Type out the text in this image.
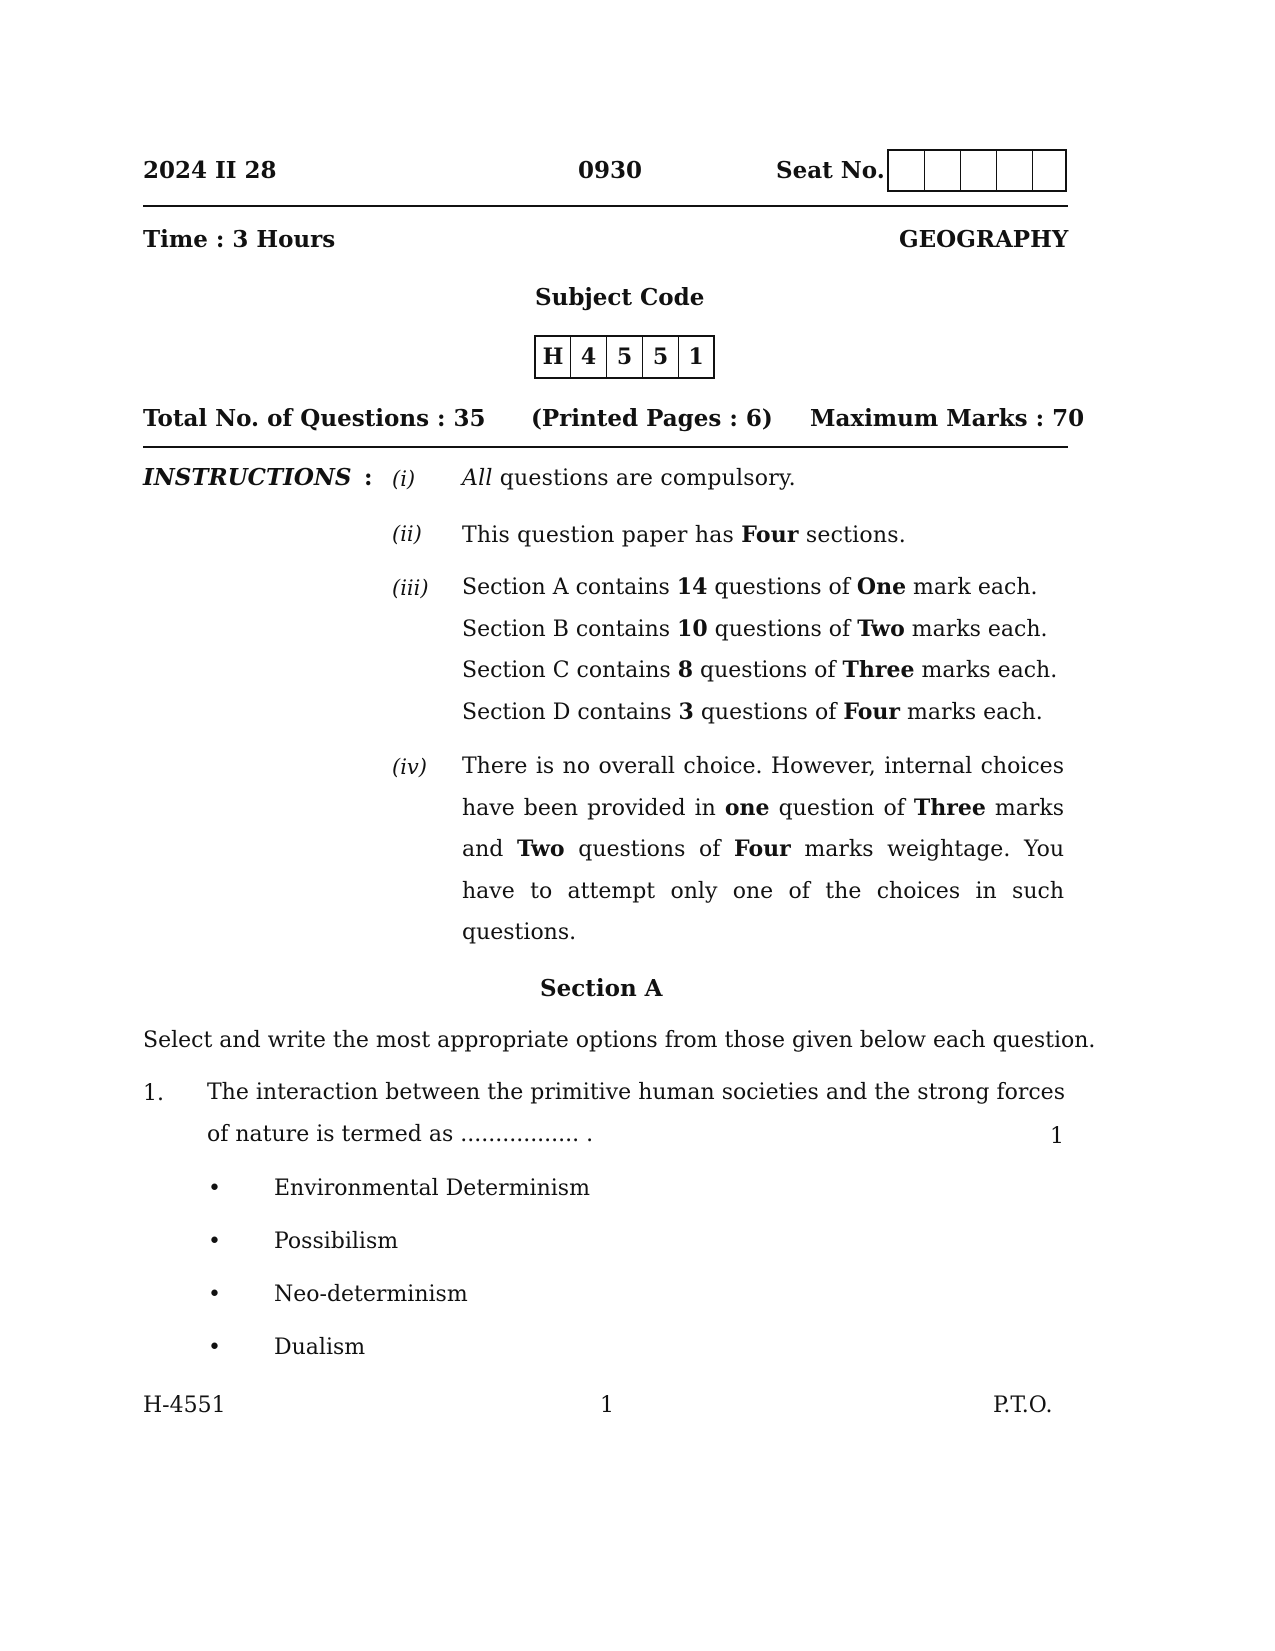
2024 II 28	0930	Seat No.
Time : 3 Hours	GEOGRAPHY
Subject Code
H 4 5 5 1
Total No. of Questions : 35 (Printed Pages : 6) Maximum Marks : 70
INSTRUCTIONS : (i) All questions are compulsory.
(ii) This question paper has Four sections.
(iii) Section A contains 14 questions of One mark each.
Section B contains 10 questions of Two marks each.
Section C contains 8 questions of Three marks each.
Section D contains 3 questions of Four marks each.
(iv) There is no overall choice. However, internal choices have been provided in one question of Three marks and Two questions of Four marks weightage. You have to attempt only one of the choices in such questions.
Section A
Select and write the most appropriate options from those given below each question.
1. The interaction between the primitive human societies and the strong forces of nature is termed as ................. .	1
• Environmental Determinism
• Possibilism
• Neo-determinism
• Dualism
H-4551	1	P.T.O.
